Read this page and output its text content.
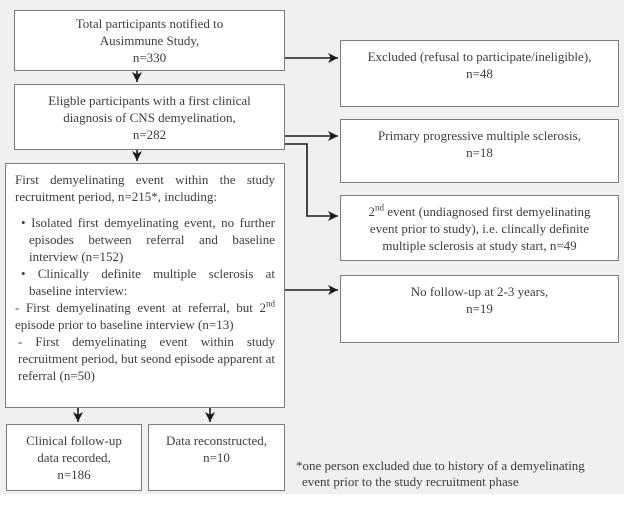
Total participants notified to
Ausimmune Study,
n=330
Eligble participants with a first clinical
diagnosis of CNS demyelination,
n=282
First demyelinating event within the study recruitment period, n=215*, including:
• Isolated first demyelinating event, no further episodes between referral and baseline interview (n=152)
• Clinically definite multiple sclerosis at baseline interview:
- First demyelinating event at referral, but 2nd episode prior to baseline interview (n=13)
- First demyelinating event within study recruitment period, but seond episode apparent at referral (n=50)
Clinical follow-up
data recorded,
n=186
Data reconstructed,
n=10
Excluded (refusal to participate/ineligible),
n=48
Primary progressive multiple sclerosis,
n=18
2nd event (undiagnosed first demyelinating
event prior to study), i.e. clincally definite
multiple sclerosis at study start, n=49
No follow-up at 2-3 years,
n=19
*one person excluded due to history of a demyelinating
event prior to the study recruitment phase
